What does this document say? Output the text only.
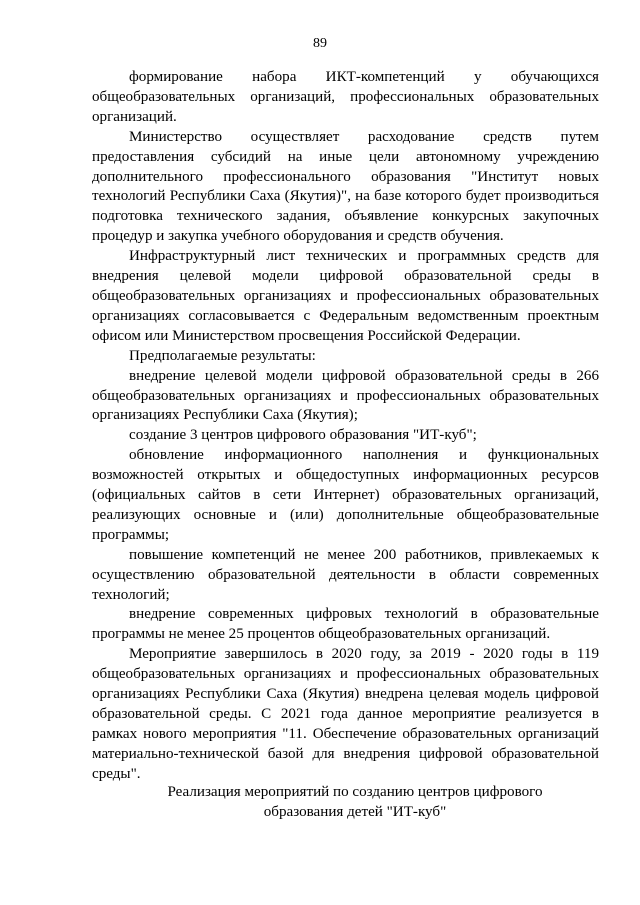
89

формирование набора ИКТ-компетенций у обучающихся общеобразовательных организаций, профессиональных образовательных организаций.

Министерство осуществляет расходование средств путем предоставления субсидий на иные цели автономному учреждению дополнительного профессионального образования "Институт новых технологий Республики Саха (Якутия)", на базе которого будет производиться подготовка технического задания, объявление конкурсных закупочных процедур и закупка учебного оборудования и средств обучения.

Инфраструктурный лист технических и программных средств для внедрения целевой модели цифровой образовательной среды в общеобразовательных организациях и профессиональных образовательных организациях согласовывается с Федеральным ведомственным проектным офисом или Министерством просвещения Российской Федерации.

Предполагаемые результаты:

внедрение целевой модели цифровой образовательной среды в 266 общеобразовательных организациях и профессиональных образовательных организациях Республики Саха (Якутия);

создание 3 центров цифрового образования "ИТ-куб";

обновление информационного наполнения и функциональных возможностей открытых и общедоступных информационных ресурсов (официальных сайтов в сети Интернет) образовательных организаций, реализующих основные и (или) дополнительные общеобразовательные программы;

повышение компетенций не менее 200 работников, привлекаемых к осуществлению образовательной деятельности в области современных технологий;

внедрение современных цифровых технологий в образовательные программы не менее 25 процентов общеобразовательных организаций.

Мероприятие завершилось в 2020 году, за 2019 - 2020 годы в 119 общеобразовательных организациях и профессиональных образовательных организациях Республики Саха (Якутия) внедрена целевая модель цифровой образовательной среды. С 2021 года данное мероприятие реализуется в рамках нового мероприятия "11. Обеспечение образовательных организаций материально-технической базой для внедрения цифровой образовательной среды".

Реализация мероприятий по созданию центров цифрового
образования детей "ИТ-куб"
